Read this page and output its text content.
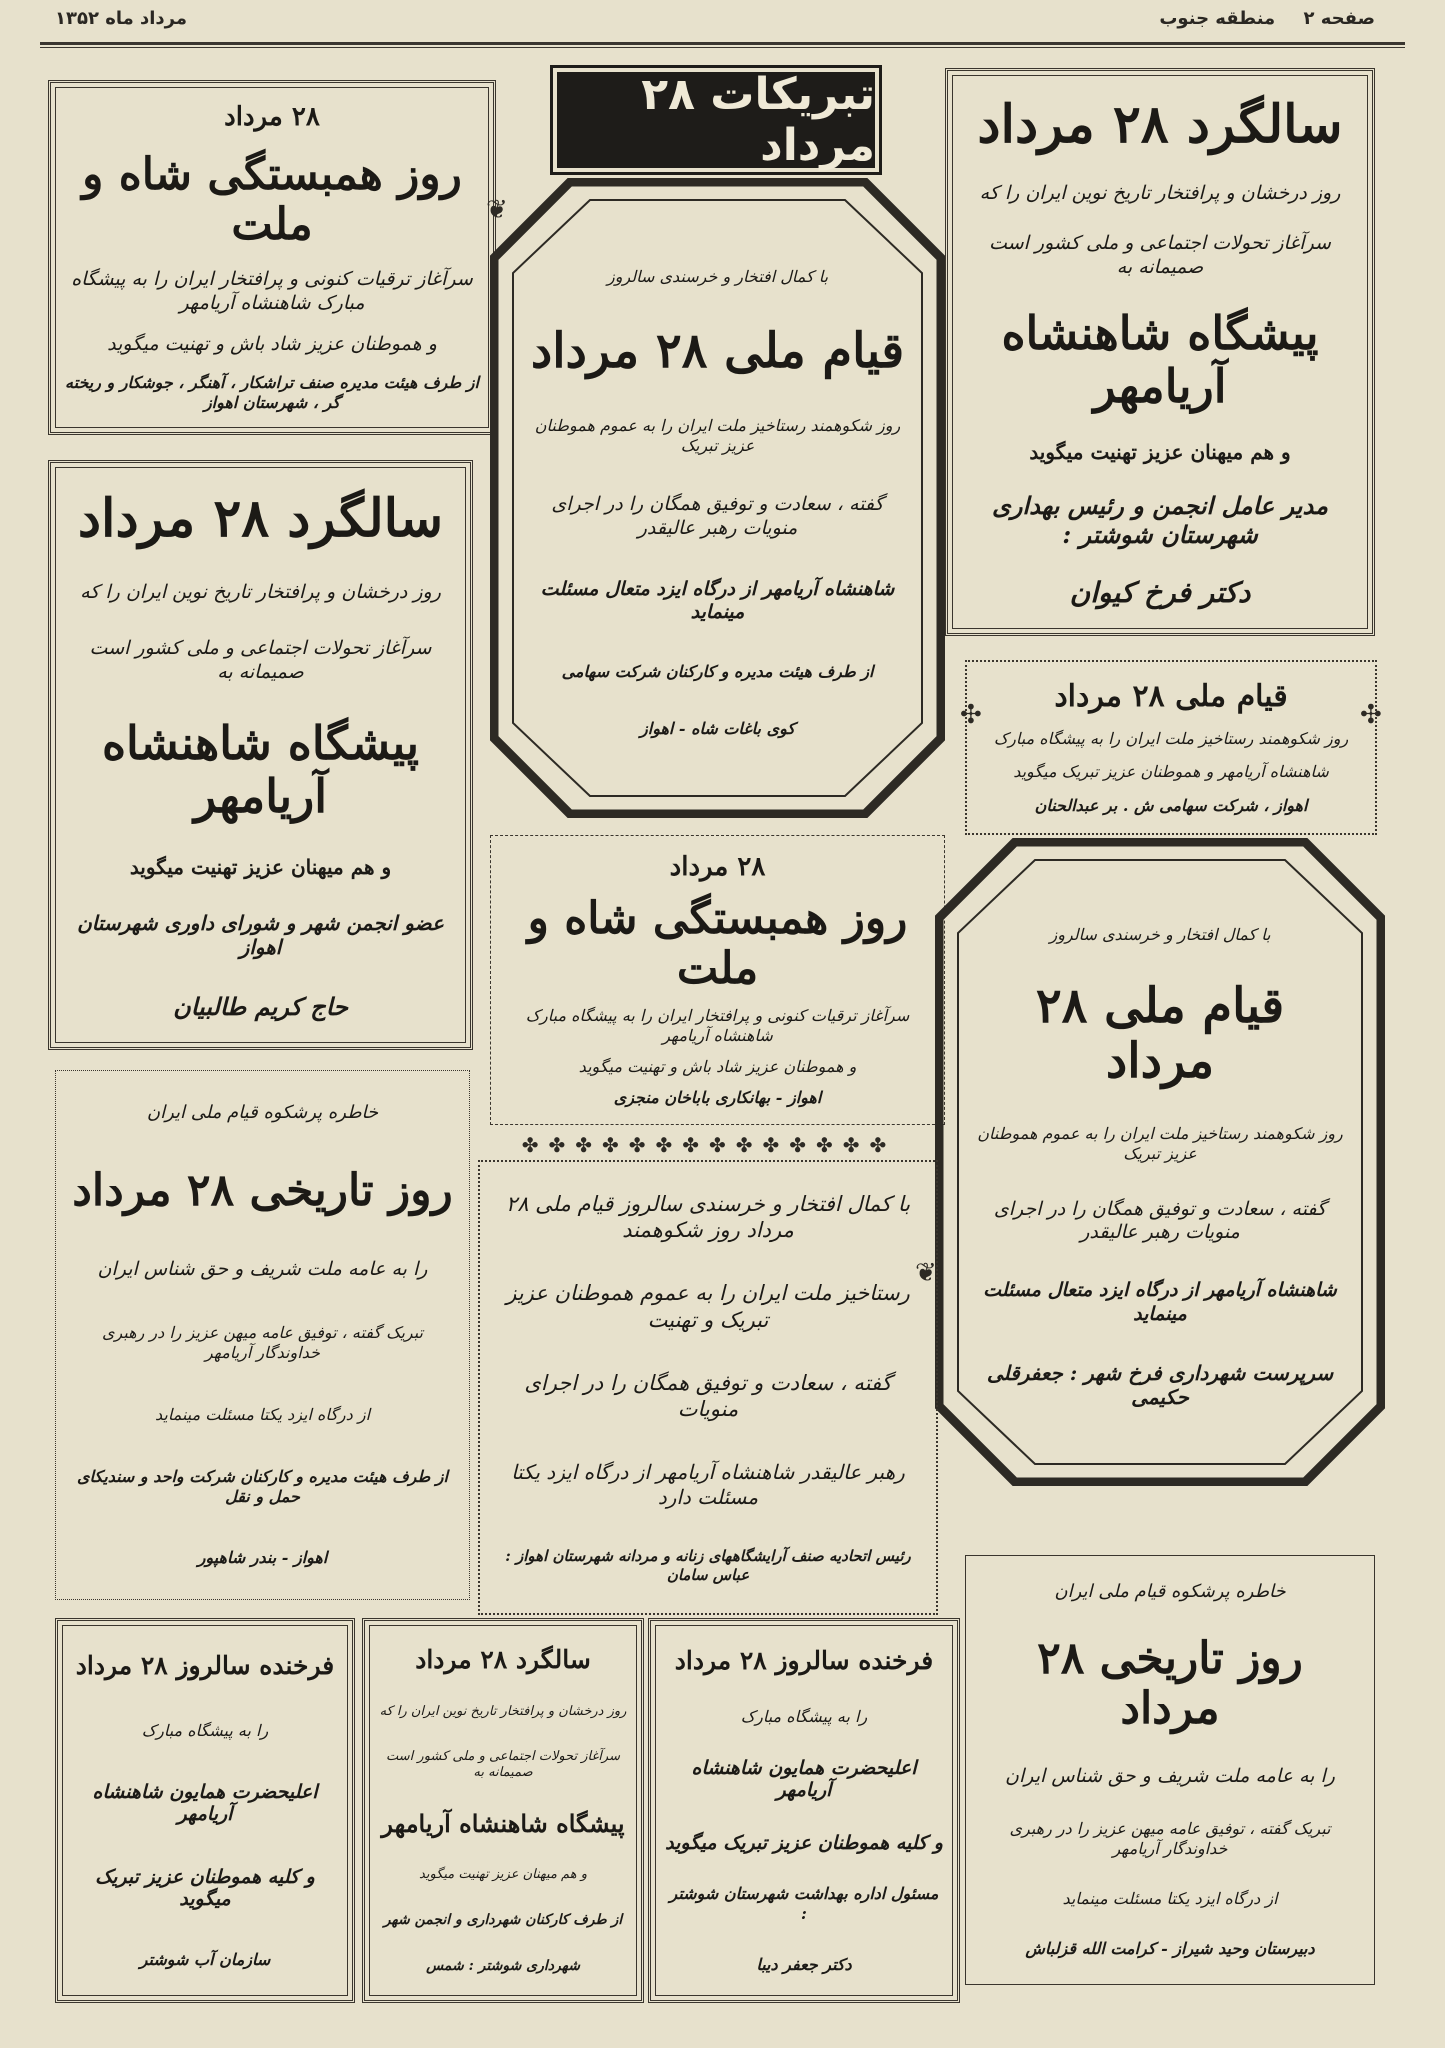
مرداد ماه ۱۳۵۲	صفحه ۲ منطقه جنوب
تبریکات ۲۸ مرداد
۲۸ مرداد
روز همبستگی شاه و ملت
سرآغاز ترقیات کنونی و پرافتخار ایران را به پیشگاه مبارک شاهنشاه آریامهر
و هموطنان عزیز شاد باش و تهنیت میگوید
از طرف هیئت مدیره صنف تراشکار ، آهنگر ، جوشکار و ریخته گر ، شهرستان اهواز
سالگرد ۲۸ مرداد
روز درخشان و پرافتخار تاریخ نوین ایران را که
سرآغاز تحولات اجتماعی و ملی کشور است صمیمانه به
پیشگاه شاهنشاه آریامهر
و هم میهنان عزیز تهنیت میگوید
مدیر عامل انجمن و رئیس بهداری شهرستان شوشتر :
دکتر فرخ کیوان
با کمال افتخار و خرسندی سالروز
قیام ملی ۲۸ مرداد
روز شکوهمند رستاخیز ملت ایران را به عموم هموطنان عزیز تبریک
گفته ، سعادت و توفیق همگان را در اجرای منویات رهبر عالیقدر
شاهنشاه آریامهر از درگاه ایزد متعال مسئلت مینماید
از طرف هیئت مدیره و کارکنان شرکت سهامی
کوی باغات شاه - اهواز
سالگرد ۲۸ مرداد
روز درخشان و پرافتخار تاریخ نوین ایران را که
سرآغاز تحولات اجتماعی و ملی کشور است صمیمانه به
پیشگاه شاهنشاه آریامهر
و هم میهنان عزیز تهنیت میگوید
عضو انجمن شهر و شورای داوری شهرستان اهواز
حاج کریم طالبیان
قیام ملی ۲۸ مرداد
روز شکوهمند رستاخیز ملت ایران را به پیشگاه مبارک
شاهنشاه آریامهر و هموطنان عزیز تبریک میگوید
اهواز ، شرکت سهامی ش . بر عبدالحنان
۲۸ مرداد
روز همبستگی شاه و ملت
سرآغاز ترقیات کنونی و پرافتخار ایران را به پیشگاه مبارک شاهنشاه آریامهر
و هموطنان عزیز شاد باش و تهنیت میگوید
اهواز - بهانکاری باباخان منجزی
با کمال افتخار و خرسندی سالروز
قیام ملی ۲۸ مرداد
روز شکوهمند رستاخیز ملت ایران را به عموم هموطنان عزیز تبریک
گفته ، سعادت و توفیق همگان را در اجرای منویات رهبر عالیقدر
شاهنشاه آریامهر از درگاه ایزد متعال مسئلت مینماید
سرپرست شهرداری فرخ شهر : جعفرقلی حکیمی
خاطره پرشکوه قیام ملی ایران
روز تاریخی ۲۸ مرداد
را به عامه ملت شریف و حق شناس ایران
تبریک گفته ، توفیق عامه میهن عزیز را در رهبری خداوندگار آریامهر
از درگاه ایزد یکتا مسئلت مینماید
از طرف هیئت مدیره و کارکنان شرکت واحد و سندیکای حمل و نقل
اهواز - بندر شاهپور
✤✤✤✤✤✤✤✤✤✤✤✤✤✤
با کمال افتخار و خرسندی سالروز قیام ملی ۲۸ مرداد روز شکوهمند
رستاخیز ملت ایران را به عموم هموطنان عزیز تبریک و تهنیت
گفته ، سعادت و توفیق همگان را در اجرای منویات
رهبر عالیقدر شاهنشاه آریامهر از درگاه ایزد یکتا مسئلت دارد
رئیس اتحادیه صنف آرایشگاههای زنانه و مردانه شهرستان اهواز : عباس سامان
خاطره پرشکوه قیام ملی ایران
روز تاریخی ۲۸ مرداد
را به عامه ملت شریف و حق شناس ایران
تبریک گفته ، توفیق عامه میهن عزیز را در رهبری خداوندگار آریامهر
از درگاه ایزد یکتا مسئلت مینماید
دبیرستان وحید شیراز - کرامت الله قزلباش
فرخنده سالروز ۲۸ مرداد
را به پیشگاه مبارک
اعلیحضرت همایون شاهنشاه آریامهر
و کلیه هموطنان عزیز تبریک میگوید
سازمان آب شوشتر
سالگرد ۲۸ مرداد
روز درخشان و پرافتخار تاریخ نوین ایران را که
سرآغاز تحولات اجتماعی و ملی کشور است صمیمانه به
پیشگاه شاهنشاه آریامهر
و هم میهنان عزیز تهنیت میگوید
از طرف کارکنان شهرداری و انجمن شهر
شهرداری شوشتر : شمس
فرخنده سالروز ۲۸ مرداد
را به پیشگاه مبارک
اعلیحضرت همایون شاهنشاه آریامهر
و کلیه هموطنان عزیز تبریک میگوید
مسئول اداره بهداشت شهرستان شوشتر :
دکتر جعفر دیبا
❦
❦
✣
✣
